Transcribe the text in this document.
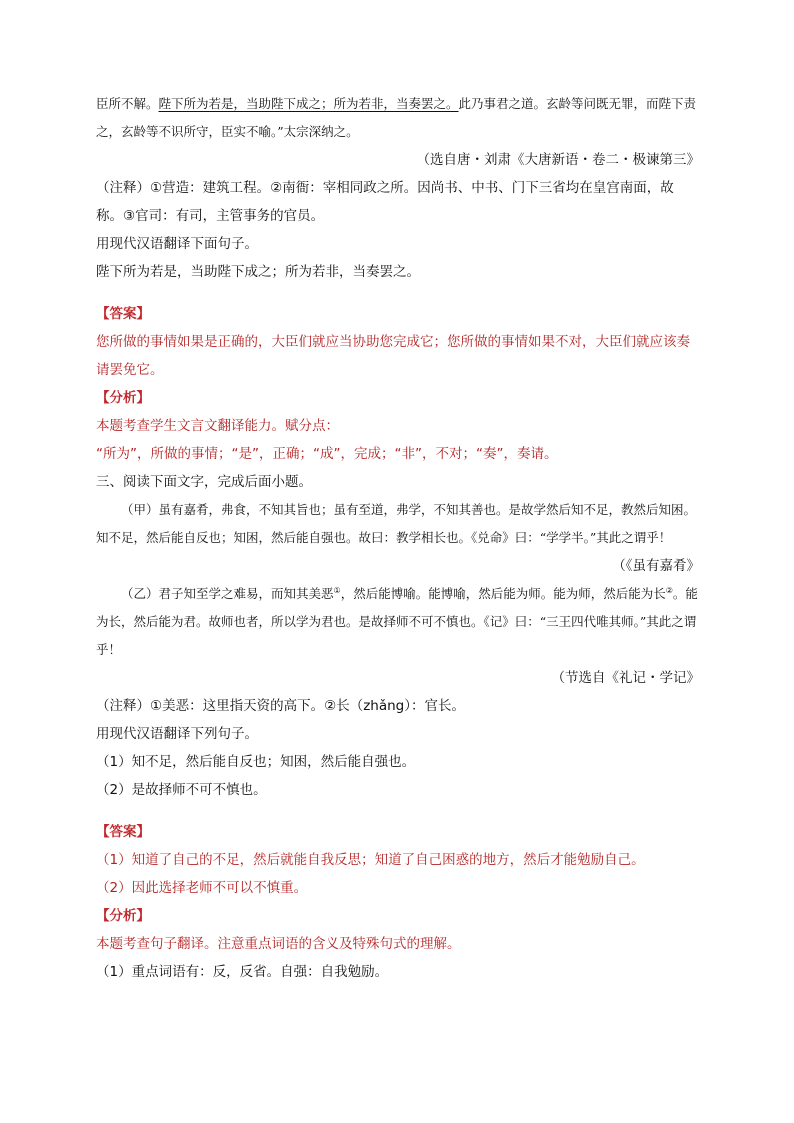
臣所不解。陛下所为若是，当助陛下成之；所为若非，当奏罢之。此乃事君之道。玄龄等问既无罪，而陛下责之，玄龄等不识所守，臣实不喻。”太宗深纳之。

（选自唐・刘肃《大唐新语・卷二・极谏第三》

（注释）①营造：建筑工程。②南衙：宰相同政之所。因尚书、中书、门下三省均在皇宫南面，故称。③官司：有司，主管事务的官员。

用现代汉语翻译下面句子。

陛下所为若是，当助陛下成之；所为若非，当奏罢之。

【答案】

您所做的事情如果是正确的，大臣们就应当协助您完成它；您所做的事情如果不对，大臣们就应该奏请罢免它。

【分析】

本题考查学生文言文翻译能力。赋分点：

“所为”，所做的事情；“是”，正确；“成”，完成；“非”，不对；“奏”，奏请。

三、阅读下面文字，完成后面小题。

（甲）虽有嘉肴，弗食，不知其旨也；虽有至道，弗学，不知其善也。是故学然后知不足，教然后知困。知不足，然后能自反也；知困，然后能自强也。故曰：教学相长也。《兑命》曰：“学学半。”其此之谓乎！

（《虽有嘉肴》

（乙）君子知至学之难易，而知其美恶①，然后能博喻。能博喻，然后能为师。能为师，然后能为长②。能为长，然后能为君。故师也者，所以学为君也。是故择师不可不慎也。《记》曰：“三王四代唯其师。”其此之谓乎！

（节选自《礼记・学记》

（注释）①美恶：这里指天资的高下。②长（zhǎng）：官长。

用现代汉语翻译下列句子。

（1）知不足，然后能自反也；知困，然后能自强也。

（2）是故择师不可不慎也。

【答案】

（1）知道了自己的不足，然后就能自我反思；知道了自己困惑的地方，然后才能勉励自己。

（2）因此选择老师不可以不慎重。

【分析】

本题考查句子翻译。注意重点词语的含义及特殊句式的理解。

（1）重点词语有：反，反省。自强：自我勉励。
